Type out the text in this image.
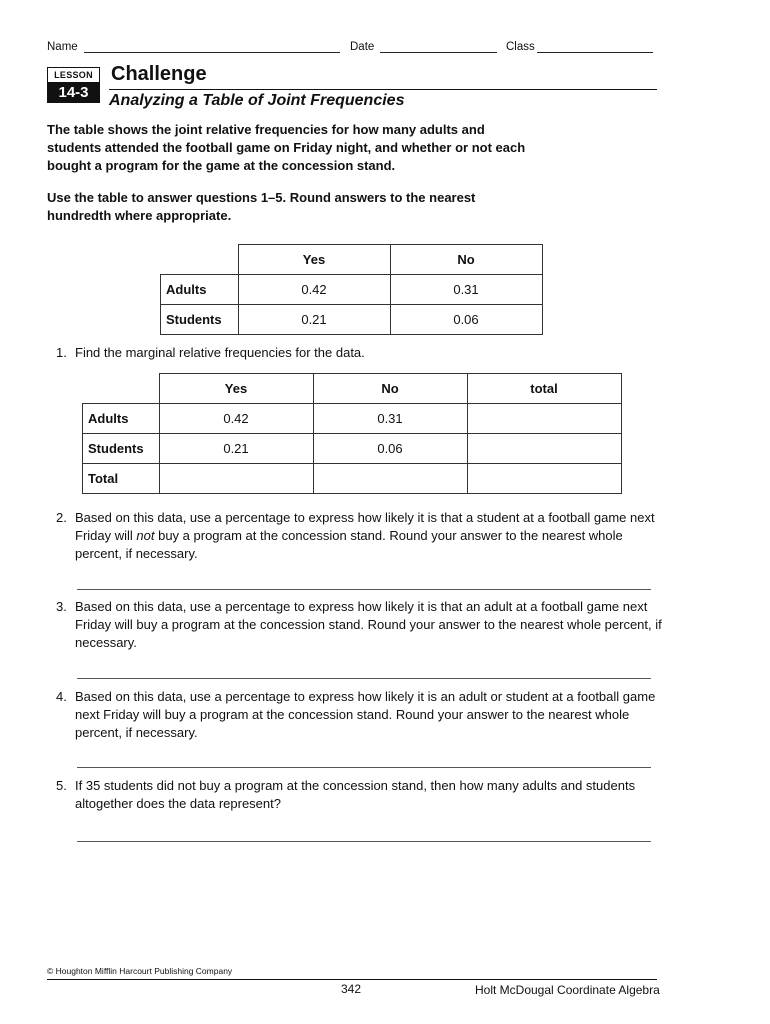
Name	Date	Class
LESSON
14-3
Challenge
Analyzing a Table of Joint Frequencies
The table shows the joint relative frequencies for how many adults and students attended the football game on Friday night, and whether or not each bought a program for the game at the concession stand.
Use the table to answer questions 1–5. Round answers to the nearest hundredth where appropriate.
	Yes	No
Adults	0.42	0.31
Students	0.21	0.06
1. Find the marginal relative frequencies for the data.
	Yes	No	total
Adults	0.42	0.31	
Students	0.21	0.06	
Total			
2. Based on this data, use a percentage to express how likely it is that a student at a football game next Friday will not buy a program at the concession stand. Round your answer to the nearest whole percent, if necessary.
3. Based on this data, use a percentage to express how likely it is that an adult at a football game next Friday will buy a program at the concession stand. Round your answer to the nearest whole percent, if necessary.
4. Based on this data, use a percentage to express how likely it is an adult or student at a football game next Friday will buy a program at the concession stand. Round your answer to the nearest whole percent, if necessary.
5. If 35 students did not buy a program at the concession stand, then how many adults and students altogether does the data represent?
© Houghton Mifflin Harcourt Publishing Company
342	Holt McDougal Coordinate Algebra
